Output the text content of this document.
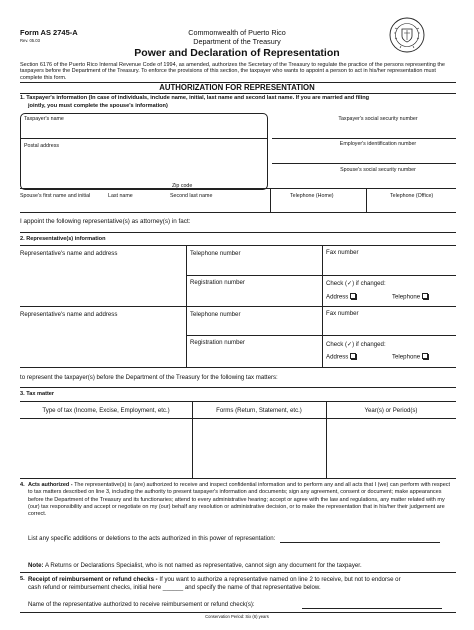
Form AS 2745-A
Rev. 05.03
Commonwealth of Puerto Rico
Department of the Treasury
Power and Declaration of Representation
Section 6176 of the Puerto Rico Internal Revenue Code of 1994, as amended, authorizes the Secretary of the Treasury to regulate the practice of the persons representing the taxpayers before the Department of the Treasury. To enforce the provisions of this section, the taxpayer who wants to appoint a person to act in his/her representation must complete this form.
AUTHORIZATION FOR REPRESENTATION
1. Taxpayer's information (In case of individuals, include name, initial, last name and second last name. If you are married and filing
jointly, you must complete the spouse's information)
Taxpayer's name
Postal address
Zip code
Taxpayer's social security number
Employer's identification number
Spouse's social security number
Spouse's first name and initial	Last name	Second last name	Telephone (Home)	Telephone (Office)
I appoint the following representative(s) as attorney(s) in fact:
2. Representative(s) information
Representative's name and address	Telephone number	Fax number
Registration number	Check (✓) if changed:
Address	Telephone
Representative's name and address	Telephone number	Fax number
Registration number	Check (✓) if changed:
Address	Telephone
to represent the taxpayer(s) before the Department of the Treasury for the following tax matters:
3. Tax matter
Type of tax (Income, Excise, Employment, etc.)	Forms (Return, Statement, etc.)	Year(s) or Period(s)
4. Acts authorized - The representative(s) is (are) authorized to receive and inspect confidential information and to perform any and all acts that I (we) can perform with respect to tax matters described on line 3, including the authority to present taxpayer's information and documents; sign any agreement, consent or document; make appearances before the Department of the Treasury and its functionaries; attend to every administrative hearing; accept or agree with the law and regulations, any matter related with my (our) tax responsibility and accept or negotiate on my (our) behalf any resolution or administrative decision, or to make the representation that in his/her their judgement are correct.
List any specific additions or deletions to the acts authorized in this power of representation:
Note: A Returns or Declarations Specialist, who is not named as representative, cannot sign any document for the taxpayer.
5. Receipt of reimbursement or refund checks - If you want to authorize a representative named on line 2 to receive, but not to endorse or
cash refund or reimbursement checks, initial here ______ and specify the name of that representative below.
Name of the representative authorized to receive reimbursement or refund check(s):
Conservation Period: Six (6) years
